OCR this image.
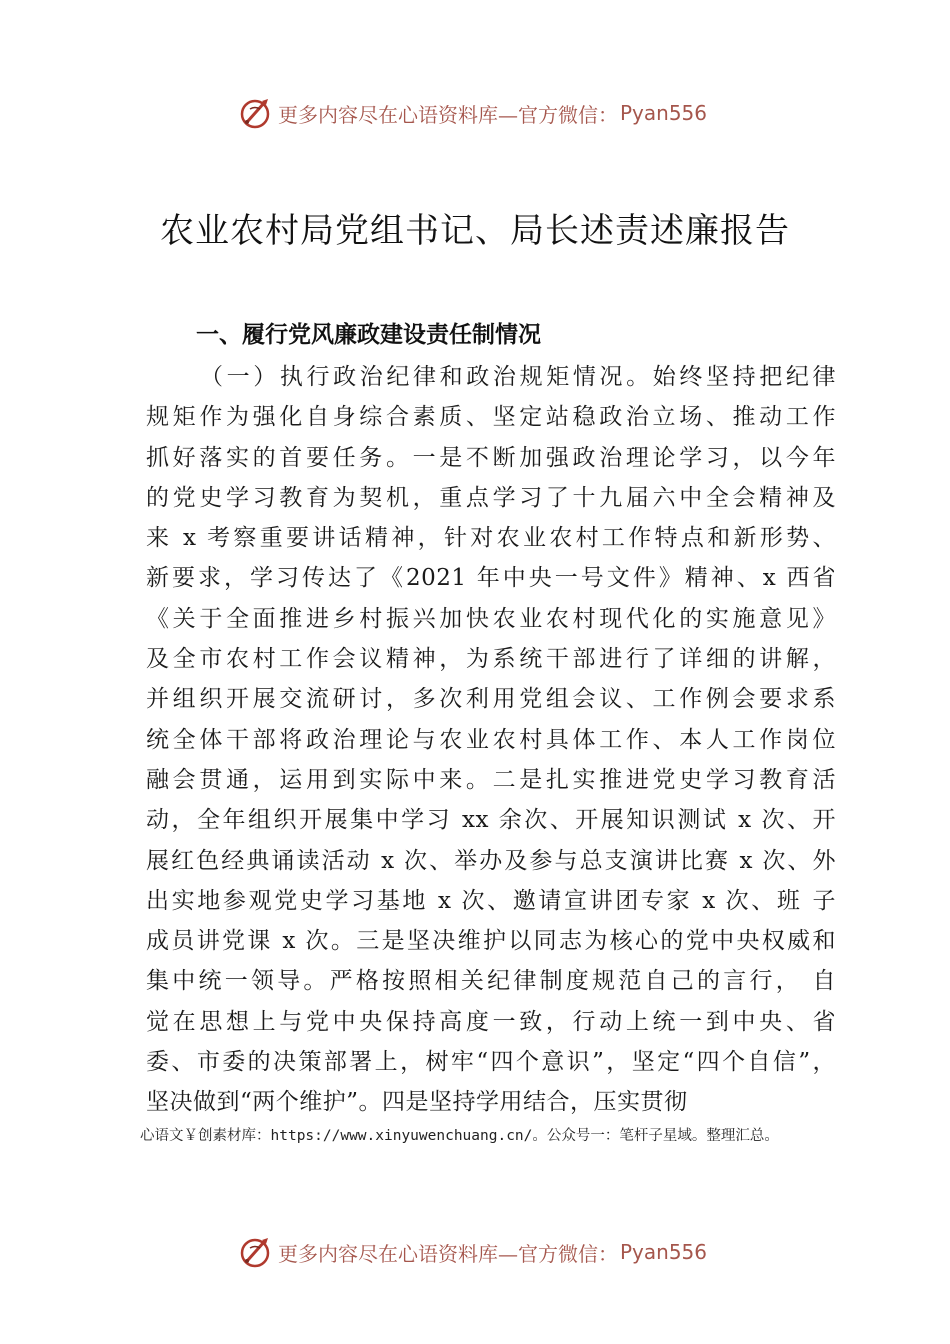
更多内容尽在心语资料库—官方微信： Pyan556
农业农村局党组书记、局长述责述廉报告
一、履行党风廉政建设责任制情况
（一）执行政治纪律和政治规矩情况。始终坚持把纪律
规矩作为强化自身综合素质、坚定站稳政治立场、推动工作
抓好落实的首要任务。一是不断加强政治理论学习，以今年
的党史学习教育为契机，重点学习了十九届六中全会精神及
来 x 考察重要讲话精神，针对农业农村工作特点和新形势、
新要求，学习传达了《2021 年中央一号文件》精神、x 西省
《关于全面推进乡村振兴加快农业农村现代化的实施意见》
及全市农村工作会议精神，为系统干部进行了详细的讲解，
并组织开展交流研讨，多次利用党组会议、工作例会要求系
统全体干部将政治理论与农业农村具体工作、本人工作岗位
融会贯通，运用到实际中来。二是扎实推进党史学习教育活
动，全年组织开展集中学习 xx 余次、开展知识测试 x 次、开
展红色经典诵读活动 x 次、举办及参与总支演讲比赛 x 次、外
出实地参观党史学习基地 x 次、邀请宣讲团专家 x 次、班 子
成员讲党课 x 次。三是坚决维护以同志为核心的党中央权威和
集中统一领导。严格按照相关纪律制度规范自己的言行， 自
觉在思想上与党中央保持高度一致，行动上统一到中央、省
委、市委的决策部署上，树牢“四个意识”，坚定“四个自信”，
坚决做到“两个维护”。四是坚持学用结合，压实贯彻
心语文￥创素材库：https://www.xinyuwenchuang.cn/。公众号一：笔杆子星域。整理汇总。
更多内容尽在心语资料库—官方微信： Pyan556
